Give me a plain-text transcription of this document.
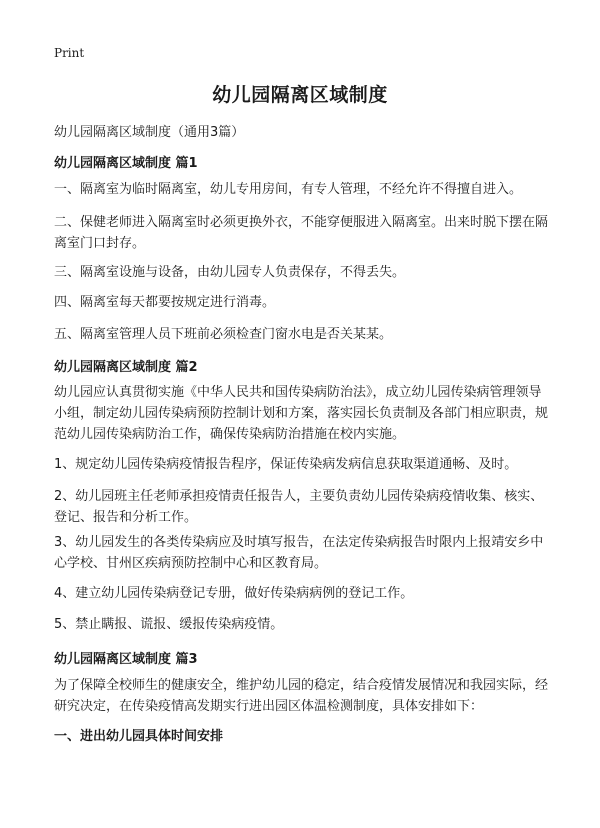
Print
幼儿园隔离区域制度

幼儿园隔离区域制度（通用3篇）

幼儿园隔离区域制度 篇1

一、隔离室为临时隔离室，幼儿专用房间，有专人管理，不经允许不得擅自进入。

二、保健老师进入隔离室时必须更换外衣，不能穿便服进入隔离室。出来时脱下摆在隔离室门口封存。

三、隔离室设施与设备，由幼儿园专人负责保存，不得丢失。

四、隔离室每天都要按规定进行消毒。

五、隔离室管理人员下班前必须检查门窗水电是否关某某。

幼儿园隔离区域制度 篇2

幼儿园应认真贯彻实施《中华人民共和国传染病防治法》，成立幼儿园传染病管理领导小组，制定幼儿园传染病预防控制计划和方案，落实园长负责制及各部门相应职责，规范幼儿园传染病防治工作，确保传染病防治措施在校内实施。

1、规定幼儿园传染病疫情报告程序，保证传染病发病信息获取渠道通畅、及时。

2、幼儿园班主任老师承担疫情责任报告人，主要负责幼儿园传染病疫情收集、核实、登记、报告和分析工作。

3、幼儿园发生的各类传染病应及时填写报告，在法定传染病报告时限内上报靖安乡中心学校、甘州区疾病预防控制中心和区教育局。

4、建立幼儿园传染病登记专册，做好传染病病例的登记工作。

5、禁止瞒报、谎报、缓报传染病疫情。

幼儿园隔离区域制度 篇3

为了保障全校师生的健康安全，维护幼儿园的稳定，结合疫情发展情况和我园实际，经研究决定，在传染疫情高发期实行进出园区体温检测制度，具体安排如下：

一、进出幼儿园具体时间安排
